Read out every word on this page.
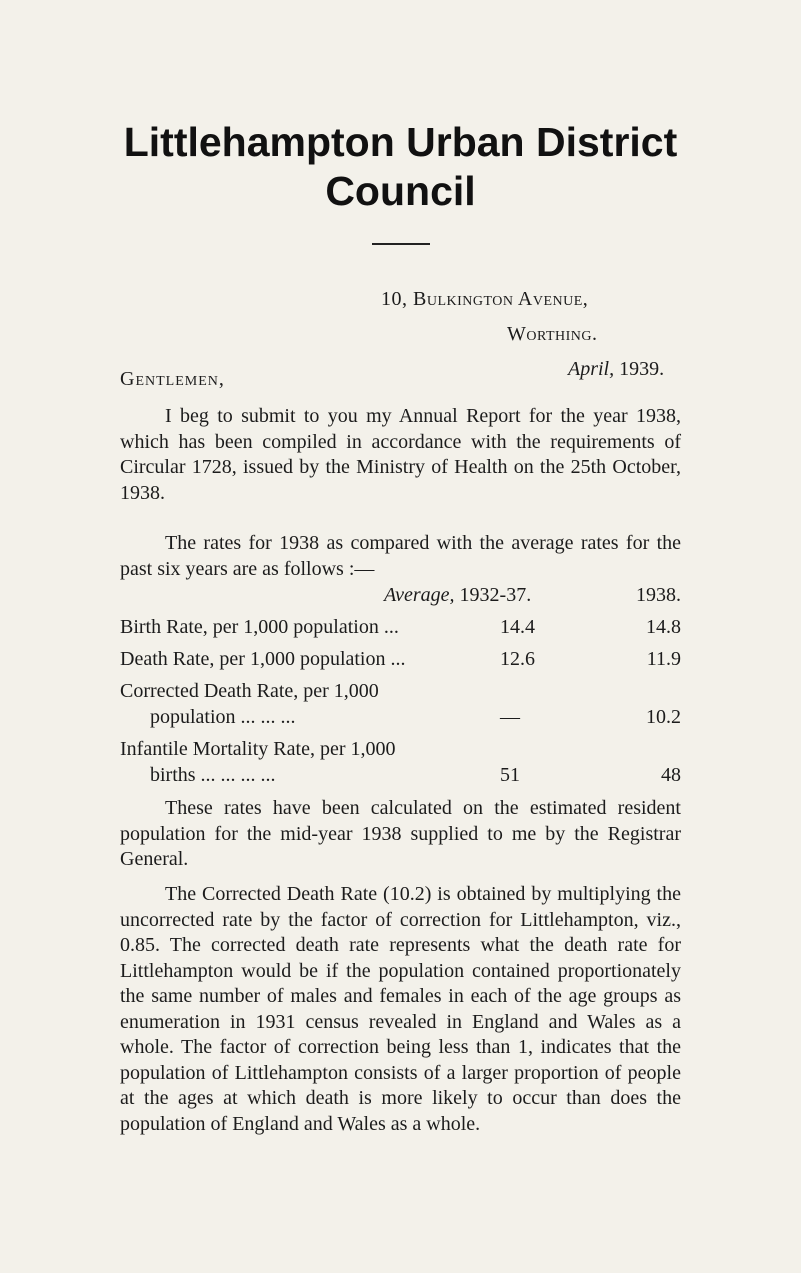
Littlehampton Urban District
Council
10, Bulkington Avenue,
Worthing.
April, 1939.
Gentlemen,

I beg to submit to you my Annual Report for the year 1938, which has been compiled in accordance with the requirements of Circular 1728, issued by the Ministry of Health on the 25th October, 1938.

The rates for 1938 as compared with the average rates for the past six years are as follows :—

Average, 1932-37.	1938.
Birth Rate, per 1,000 population ...	14.4	14.8
Death Rate, per 1,000 population ...	12.6	11.9
Corrected Death Rate, per 1,000
population ... ... ...	—	10.2
Infantile Mortality Rate, per 1,000
births ... ... ... ...	51	48

These rates have been calculated on the estimated resident population for the mid-year 1938 supplied to me by the Registrar General.

The Corrected Death Rate (10.2) is obtained by multiplying the uncorrected rate by the factor of correction for Littlehampton, viz., 0.85. The corrected death rate represents what the death rate for Littlehampton would be if the population contained proportionately the same number of males and females in each of the age groups as enumeration in 1931 census revealed in England and Wales as a whole. The factor of correction being less than 1, indicates that the population of Littlehampton consists of a larger proportion of people at the ages at which death is more likely to occur than does the population of England and Wales as a whole.
